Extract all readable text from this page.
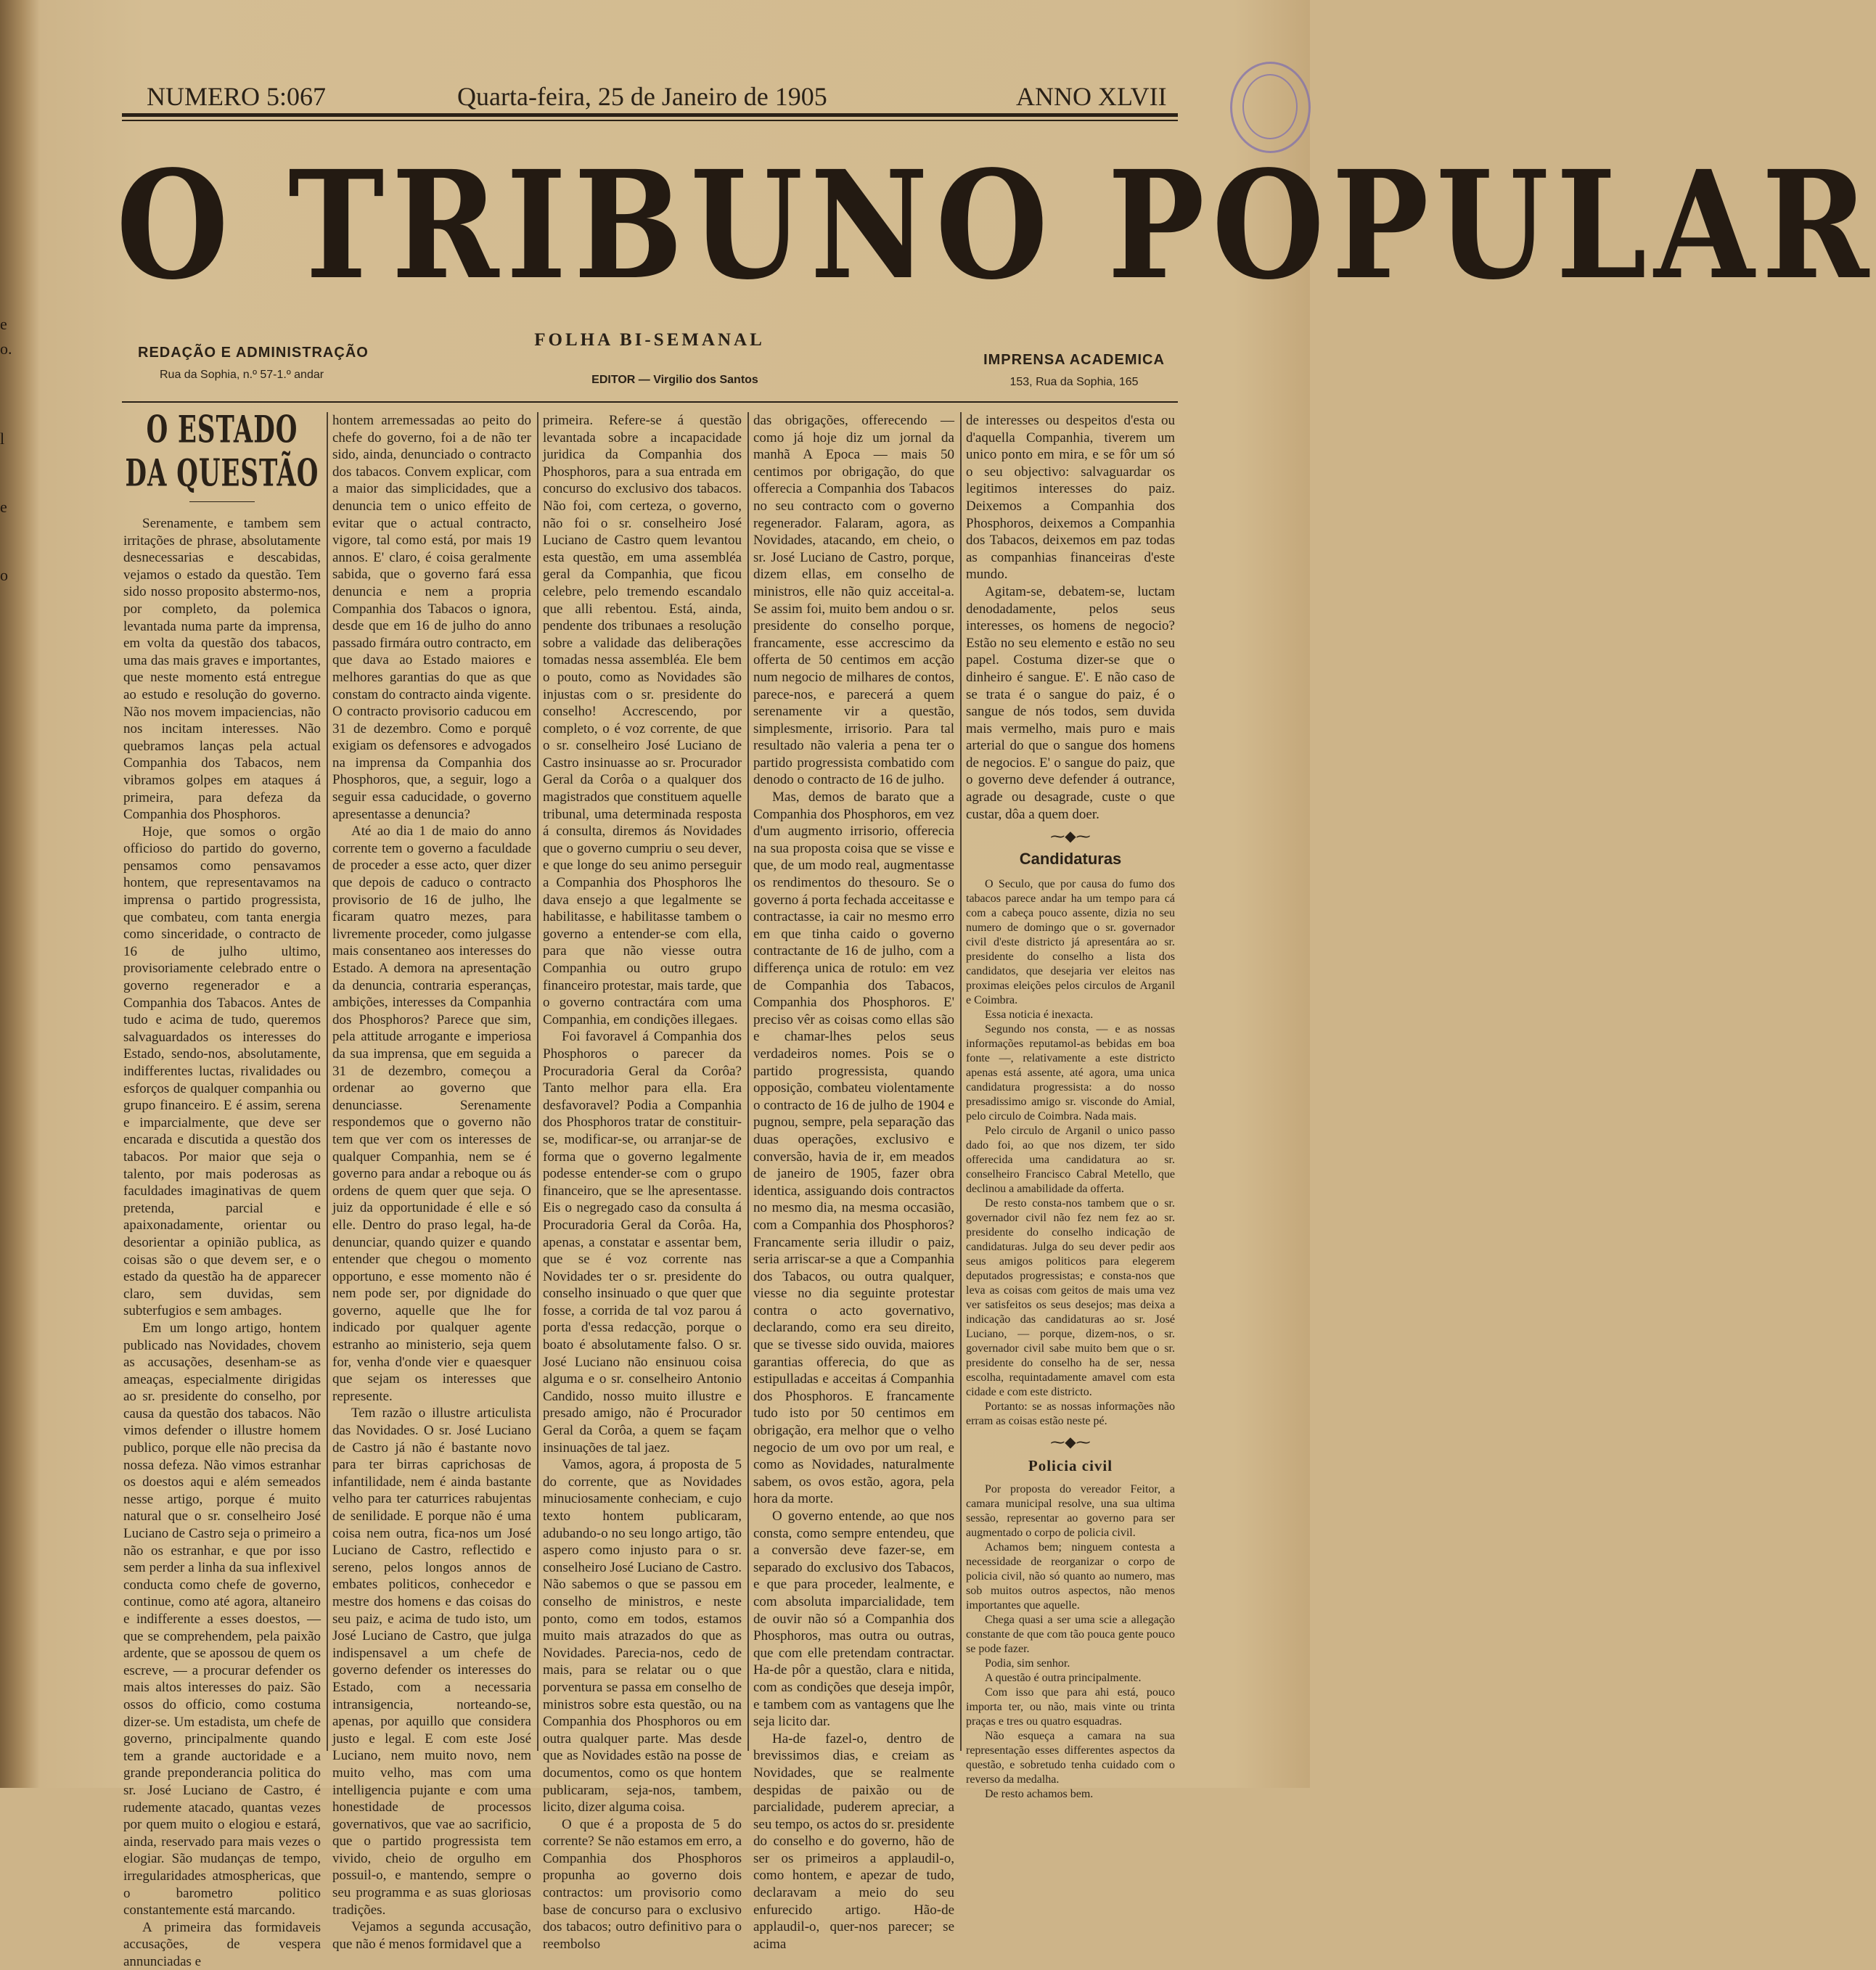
e
o.
l
e
o
NUMERO 5:067	Quarta-feira, 25 de Janeiro de 1905	ANNO XLVII
O TRIBUNO POPULAR
FOLHA BI-SEMANAL
REDAÇÃO E ADMINISTRAÇÃO
Rua da Sophia, n.º 57-1.º andar	EDITOR — Virgilio dos Santos
IMPRENSA ACADEMICA
153, Rua da Sophia, 165
O ESTADO DA QUESTÃO

Serenamente, e tambem sem irritações de phrase, absolutamente desnecessarias e descabidas, vejamos o estado da questão. Tem sido nosso proposito abstermo-nos, por completo, da polemica levantada numa parte da imprensa, em volta da questão dos tabacos, uma das mais graves e importantes, que neste momento está entregue ao estudo e resolução do governo. Não nos movem impaciencias, não nos incitam interesses. Não quebramos lanças pela actual Companhia dos Tabacos, nem vibramos golpes em ataques á primeira, para defeza da Companhia dos Phosphoros.

Hoje, que somos o orgão officioso do partido do governo, pensamos como pensavamos hontem, que representavamos na imprensa o partido progressista, que combateu, com tanta energia como sinceridade, o contracto de 16 de julho ultimo, provisoriamente celebrado entre o governo regenerador e a Companhia dos Tabacos. Antes de tudo e acima de tudo, queremos salvaguardados os interesses do Estado, sendo-nos, absolutamente, indifferentes luctas, rivalidades ou esforços de qualquer companhia ou grupo financeiro. E é assim, serena e imparcialmente, que deve ser encarada e discutida a questão dos tabacos. Por maior que seja o talento, por mais poderosas as faculdades imaginativas de quem pretenda, parcial e apaixonadamente, orientar ou desorientar a opinião publica, as coisas são o que devem ser, e o estado da questão ha de apparecer claro, sem duvidas, sem subterfugios e sem ambages.

Em um longo artigo, hontem publicado nas Novidades, chovem as accusações, desenham-se as ameaças, especialmente dirigidas ao sr. presidente do conselho, por causa da questão dos tabacos. Não vimos defender o illustre homem publico, porque elle não precisa da nossa defeza. Não vimos estranhar os doestos aqui e além semeados nesse artigo, porque é muito natural que o sr. conselheiro José Luciano de Castro seja o primeiro a não os estranhar, e que por isso sem perder a linha da sua inflexivel conducta como chefe de governo, continue, como até agora, altaneiro e indifferente a esses doestos, — que se comprehendem, pela paixão ardente, que se apossou de quem os escreve, — a procurar defender os mais altos interesses do paiz. São ossos do officio, como costuma dizer-se. Um estadista, um chefe de governo, principalmente quando tem a grande auctoridade e a grande preponderancia politica do sr. José Luciano de Castro, é rudemente atacado, quantas vezes por quem muito o elogiou e estará, ainda, reservado para mais vezes o elogiar. São mudanças de tempo, irregularidades atmosphericas, que o barometro politico constantemente está marcando.

A primeira das formidaveis accusações, de vespera annunciadas e

hontem arremessadas ao peito do chefe do governo, foi a de não ter sido, ainda, denunciado o contracto dos tabacos. Convem explicar, com a maior das simplicidades, que a denuncia tem o unico effeito de evitar que o actual contracto, vigore, tal como está, por mais 19 annos. E' claro, é coisa geralmente sabida, que o governo fará essa denuncia e nem a propria Companhia dos Tabacos o ignora, desde que em 16 de julho do anno passado firmára outro contracto, em que dava ao Estado maiores e melhores garantias do que as que constam do contracto ainda vigente. O contracto provisorio caducou em 31 de dezembro. Como e porquê exigiam os defensores e advogados na imprensa da Companhia dos Phosphoros, que, a seguir, logo a seguir essa caducidade, o governo apresentasse a denuncia?

Até ao dia 1 de maio do anno corrente tem o governo a faculdade de proceder a esse acto, quer dizer que depois de caduco o contracto provisorio de 16 de julho, lhe ficaram quatro mezes, para livremente proceder, como julgasse mais consentaneo aos interesses do Estado. A demora na apresentação da denuncia, contraria esperanças, ambições, interesses da Companhia dos Phosphoros? Parece que sim, pela attitude arrogante e imperiosa da sua imprensa, que em seguida a 31 de dezembro, começou a ordenar ao governo que denunciasse. Serenamente respondemos que o governo não tem que ver com os interesses de qualquer Companhia, nem se é governo para andar a reboque ou ás ordens de quem quer que seja. O juiz da opportunidade é elle e só elle. Dentro do praso legal, ha-de denunciar, quando quizer e quando entender que chegou o momento opportuno, e esse momento não é nem pode ser, por dignidade do governo, aquelle que lhe for indicado por qualquer agente estranho ao ministerio, seja quem for, venha d'onde vier e quaesquer que sejam os interesses que represente.

Tem razão o illustre articulista das Novidades. O sr. José Luciano de Castro já não é bastante novo para ter birras caprichosas de infantilidade, nem é ainda bastante velho para ter caturrices rabujentas de senilidade. E porque não é uma coisa nem outra, fica-nos um José Luciano de Castro, reflectido e sereno, pelos longos annos de embates politicos, conhecedor e mestre dos homens e das coisas do seu paiz, e acima de tudo isto, um José Luciano de Castro, que julga indispensavel a um chefe de governo defender os interesses do Estado, com a necessaria intransigencia, norteando-se, apenas, por aquillo que considera justo e legal. E com este José Luciano, nem muito novo, nem muito velho, mas com uma intelligencia pujante e com uma honestidade de processos governativos, que vae ao sacrificio, que o partido progressista tem vivido, cheio de orgulho em possuil-o, e mantendo, sempre o seu programma e as suas gloriosas tradições.

Vejamos a segunda accusação, que não é menos formidavel que a

primeira. Refere-se á questão levantada sobre a incapacidade juridica da Companhia dos Phosphoros, para a sua entrada em concurso do exclusivo dos tabacos. Não foi, com certeza, o governo, não foi o sr. conselheiro José Luciano de Castro quem levantou esta questão, em uma assembléa geral da Companhia, que ficou celebre, pelo tremendo escandalo que alli rebentou. Está, ainda, pendente dos tribunaes a resolução sobre a validade das deliberações tomadas nessa assembléa. Ele bem o pouto, como as Novidades são injustas com o sr. presidente do conselho! Accrescendo, por completo, o é voz corrente, de que o sr. conselheiro José Luciano de Castro insinuasse ao sr. Procurador Geral da Corôa o a qualquer dos magistrados que constituem aquelle tribunal, uma determinada resposta á consulta, diremos ás Novidades que o governo cumpriu o seu dever, e que longe do seu animo perseguir a Companhia dos Phosphoros lhe dava ensejo a que legalmente se habilitasse, e habilitasse tambem o governo a entender-se com ella, para que não viesse outra Companhia ou outro grupo financeiro protestar, mais tarde, que o governo contractára com uma Companhia, em condições illegaes.

Foi favoravel á Companhia dos Phosphoros o parecer da Procuradoria Geral da Corôa? Tanto melhor para ella. Era desfavoravel? Podia a Companhia dos Phosphoros tratar de constituir-se, modificar-se, ou arranjar-se de forma que o governo legalmente podesse entender-se com o grupo financeiro, que se lhe apresentasse. Eis o negregado caso da consulta á Procuradoria Geral da Corôa. Ha, apenas, a constatar e assentar bem, que se é voz corrente nas Novidades ter o sr. presidente do conselho insinuado o que quer que fosse, a corrida de tal voz parou á porta d'essa redacção, porque o boato é absolutamente falso. O sr. José Luciano não ensinuou coisa alguma e o sr. conselheiro Antonio Candido, nosso muito illustre e presado amigo, não é Procurador Geral da Corôa, a quem se façam insinuações de tal jaez.

Vamos, agora, á proposta de 5 do corrente, que as Novidades minuciosamente conheciam, e cujo texto hontem publicaram, adubando-o no seu longo artigo, tão aspero como injusto para o sr. conselheiro José Luciano de Castro. Não sabemos o que se passou em conselho de ministros, e neste ponto, como em todos, estamos muito mais atrazados do que as Novidades. Parecia-nos, cedo de mais, para se relatar ou o que porventura se passa em conselho de ministros sobre esta questão, ou na Companhia dos Phosphoros ou em outra qualquer parte. Mas desde que as Novidades estão na posse de documentos, como os que hontem publicaram, seja-nos, tambem, licito, dizer alguma coisa.

O que é a proposta de 5 do corrente? Se não estamos em erro, a Companhia dos Phosphoros propunha ao governo dois contractos: um provisorio como base de concurso para o exclusivo dos tabacos; outro definitivo para o reembolso

das obrigações, offerecendo — como já hoje diz um jornal da manhã A Epoca — mais 50 centimos por obrigação, do que offerecia a Companhia dos Tabacos no seu contracto com o governo regenerador. Falaram, agora, as Novidades, atacando, em cheio, o sr. José Luciano de Castro, porque, dizem ellas, em conselho de ministros, elle não quiz acceital-a. Se assim foi, muito bem andou o sr. presidente do conselho porque, francamente, esse accrescimo da offerta de 50 centimos em acção num negocio de milhares de contos, parece-nos, e parecerá a quem serenamente vir a questão, simplesmente, irrisorio. Para tal resultado não valeria a pena ter o partido progressista combatido com denodo o contracto de 16 de julho.

Mas, demos de barato que a Companhia dos Phosphoros, em vez d'um augmento irrisorio, offerecia na sua proposta coisa que se visse e que, de um modo real, augmentasse os rendimentos do thesouro. Se o governo á porta fechada acceitasse e contractasse, ia cair no mesmo erro em que tinha caido o governo contractante de 16 de julho, com a differença unica de rotulo: em vez de Companhia dos Tabacos, Companhia dos Phosphoros. E' preciso vêr as coisas como ellas são e chamar-lhes pelos seus verdadeiros nomes. Pois se o partido progressista, quando opposição, combateu violentamente o contracto de 16 de julho de 1904 e pugnou, sempre, pela separação das duas operações, exclusivo e conversão, havia de ir, em meados de janeiro de 1905, fazer obra identica, assiguando dois contractos no mesmo dia, na mesma occasião, com a Companhia dos Phosphoros? Francamente seria illudir o paiz, seria arriscar-se a que a Companhia dos Tabacos, ou outra qualquer, viesse no dia seguinte protestar contra o acto governativo, declarando, como era seu direito, que se tivesse sido ouvida, maiores garantias offerecia, do que as estipulladas e acceitas á Companhia dos Phosphoros. E francamente tudo isto por 50 centimos em obrigação, era melhor que o velho negocio de um ovo por um real, e como as Novidades, naturalmente sabem, os ovos estão, agora, pela hora da morte.

O governo entende, ao que nos consta, como sempre entendeu, que a conversão deve fazer-se, em separado do exclusivo dos Tabacos, e que para proceder, lealmente, e com absoluta imparcialidade, tem de ouvir não só a Companhia dos Phosphoros, mas outra ou outras, que com elle pretendam contractar. Ha-de pôr a questão, clara e nitida, com as condições que deseja impôr, e tambem com as vantagens que lhe seja licito dar.

Ha-de fazel-o, dentro de brevissimos dias, e creiam as Novidades, que se realmente despidas de paixão ou de parcialidade, puderem apreciar, a seu tempo, os actos do sr. presidente do conselho e do governo, hão de ser os primeiros a applaudil-o, como hontem, e apezar de tudo, declaravam a meio do seu enfurecido artigo. Hão-de applaudil-o, quer-nos parecer; se acima

de interesses ou despeitos d'esta ou d'aquella Companhia, tiverem um unico ponto em mira, e se fôr um só o seu objectivo: salvaguardar os legitimos interesses do paiz. Deixemos a Companhia dos Phosphoros, deixemos a Companhia dos Tabacos, deixemos em paz todas as companhias financeiras d'este mundo.

Agitam-se, debatem-se, luctam denodadamente, pelos seus interesses, os homens de negocio? Estão no seu elemento e estão no seu papel. Costuma dizer-se que o dinheiro é sangue. E'. E não caso de se trata é o sangue do paiz, é o sangue de nós todos, sem duvida mais vermelho, mais puro e mais arterial do que o sangue dos homens de negocios. E' o sangue do paiz, que o governo deve defender á outrance, agrade ou desagrade, custe o que custar, dôa a quem doer.

⁓◆⁓
Candidaturas

O Seculo, que por causa do fumo dos tabacos parece andar ha um tempo para cá com a cabeça pouco assente, dizia no seu numero de domingo que o sr. governador civil d'este districto já apresentára ao sr. presidente do conselho a lista dos candidatos, que desejaria ver eleitos nas proximas eleições pelos circulos de Arganil e Coimbra.

Essa noticia é inexacta.

Segundo nos consta, — e as nossas informações reputamol-as bebidas em boa fonte —, relativamente a este districto apenas está assente, até agora, uma unica candidatura progressista: a do nosso presadissimo amigo sr. visconde do Amial, pelo circulo de Coimbra. Nada mais.

Pelo circulo de Arganil o unico passo dado foi, ao que nos dizem, ter sido offerecida uma candidatura ao sr. conselheiro Francisco Cabral Metello, que declinou a amabilidade da offerta.

De resto consta-nos tambem que o sr. governador civil não fez nem fez ao sr. presidente do conselho indicação de candidaturas. Julga do seu dever pedir aos seus amigos politicos para elegerem deputados progressistas; e consta-nos que leva as coisas com geitos de mais uma vez ver satisfeitos os seus desejos; mas deixa a indicação das candidaturas ao sr. José Luciano, — porque, dizem-nos, o sr. governador civil sabe muito bem que o sr. presidente do conselho ha de ser, nessa escolha, requintadamente amavel com esta cidade e com este districto.

Portanto: se as nossas informações não erram as coisas estão neste pé.

⁓◆⁓
Policia civil

Por proposta do vereador Feitor, a camara municipal resolve, una sua ultima sessão, representar ao governo para ser augmentado o corpo de policia civil.

Achamos bem; ninguem contesta a necessidade de reorganizar o corpo de policia civil, não só quanto ao numero, mas sob muitos outros aspectos, não menos importantes que aquelle.

Chega quasi a ser uma scie a allegação constante de que com tão pouca gente pouco se pode fazer.

Podia, sim senhor.

A questão é outra principalmente.

Com isso que para ahi está, pouco importa ter, ou não, mais vinte ou trinta praças e tres ou quatro esquadras.

Não esqueça a camara na sua representação esses differentes aspectos da questão, e sobretudo tenha cuidado com o reverso da medalha.

De resto achamos bem.
